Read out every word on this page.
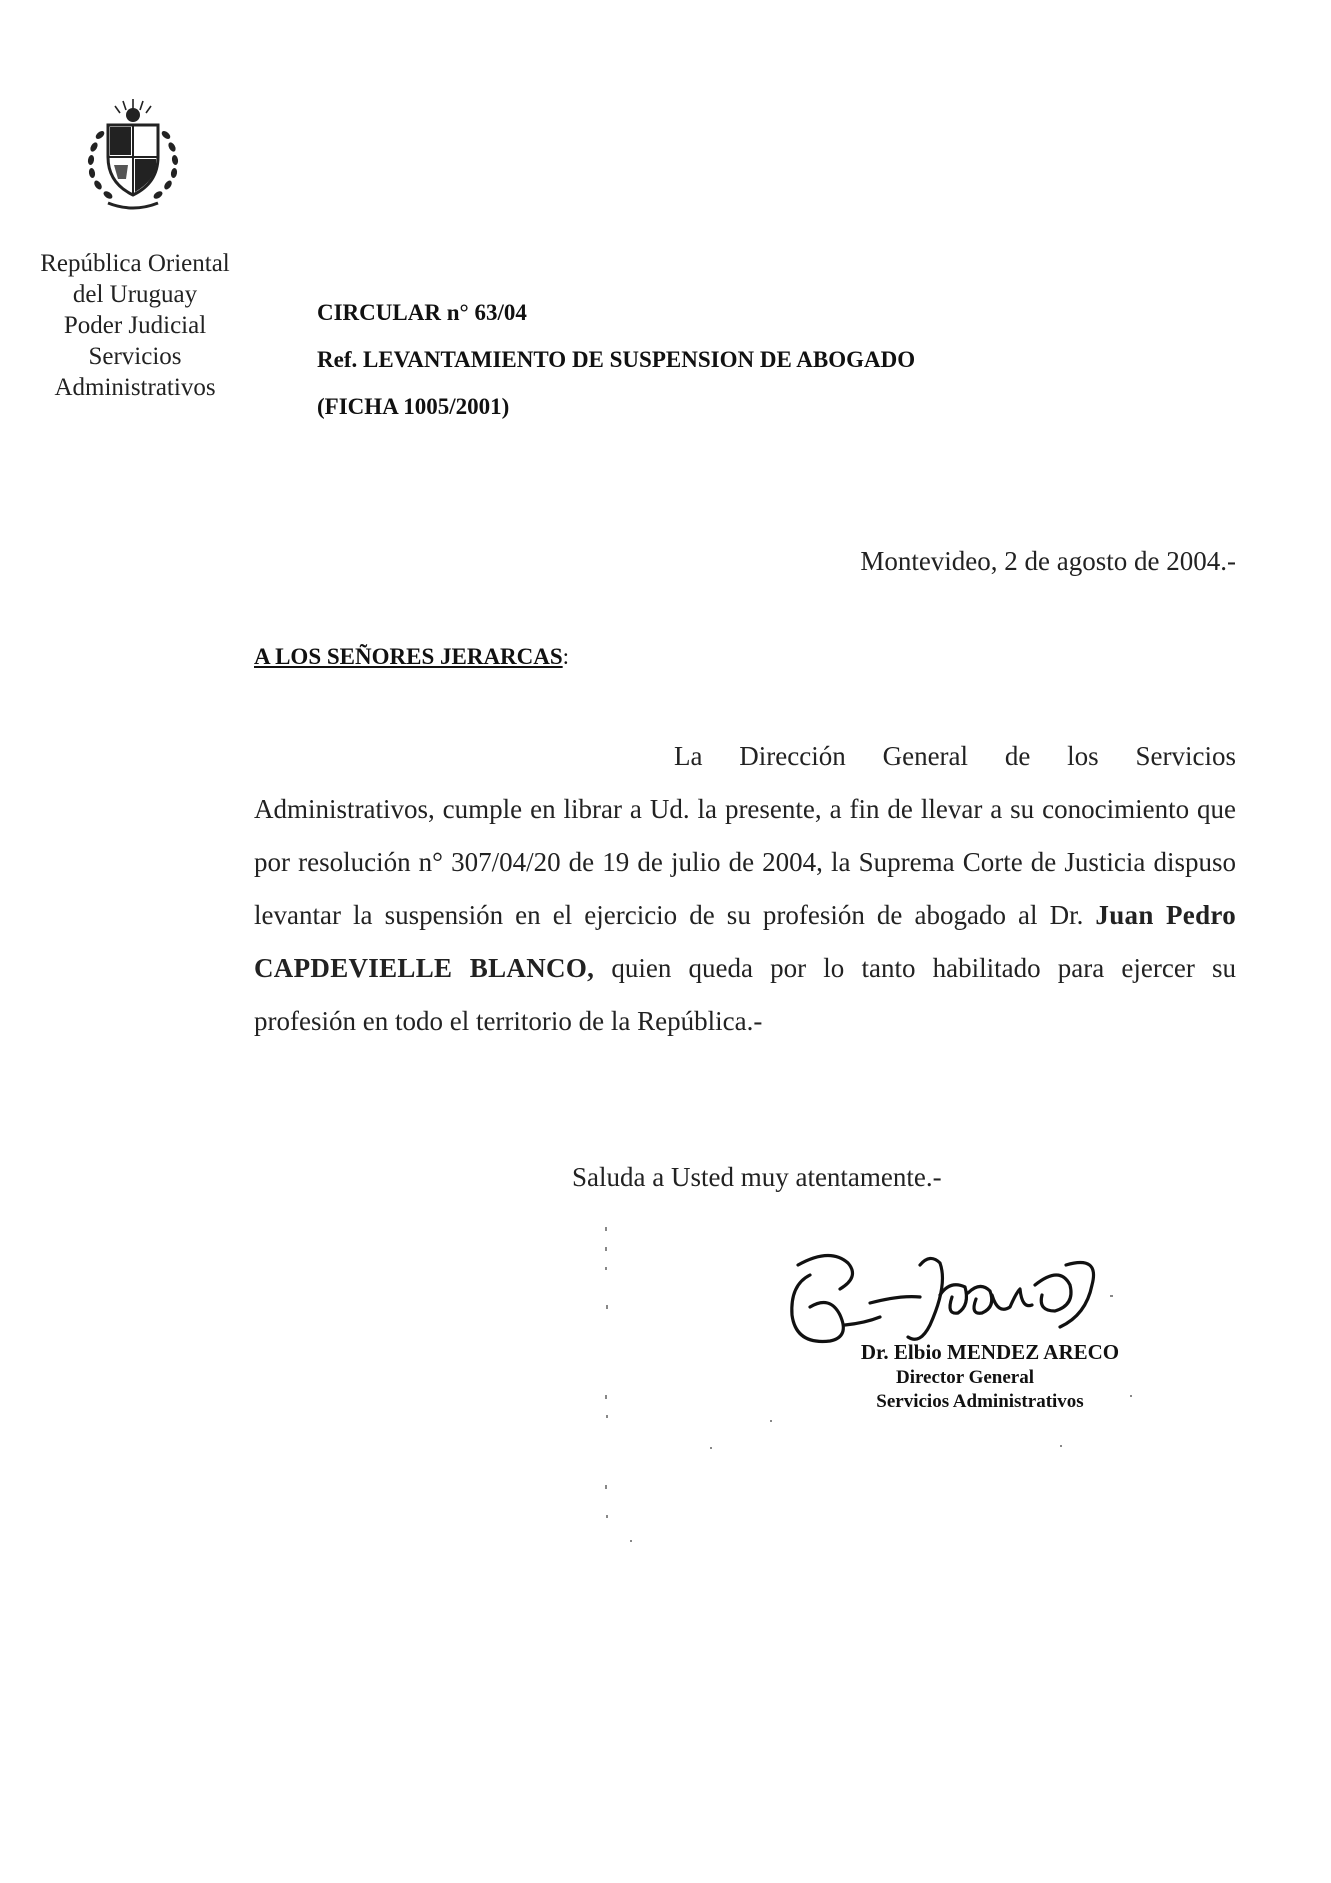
República Oriental
del Uruguay
Poder Judicial
Servicios
Administrativos
CIRCULAR n° 63/04
Ref. LEVANTAMIENTO DE SUSPENSION DE ABOGADO
(FICHA 1005/2001)
Montevideo, 2 de agosto de 2004.-
A LOS SEÑORES JERARCAS:
La Dirección General de los Servicios Administrativos, cumple en librar a Ud. la presente, a fin de llevar a su conocimiento que por resolución n° 307/04/20 de 19 de julio de 2004, la Suprema Corte de Justicia dispuso levantar la suspensión en el ejercicio de su profesión de abogado al Dr. Juan Pedro CAPDEVIELLE BLANCO, quien queda por lo tanto habilitado para ejercer su profesión en todo el territorio de la República.-
Saluda a Usted muy atentamente.-
Dr. Elbio MENDEZ ARECO
Director General
Servicios Administrativos
